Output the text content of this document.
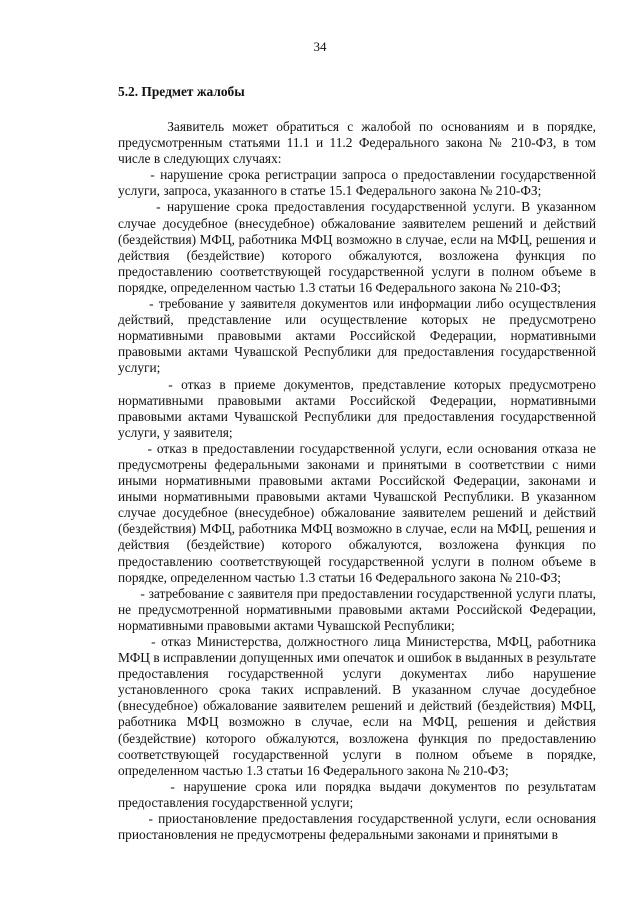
34
5.2. Предмет жалобы

Заявитель может обратиться с жалобой по основаниям и в порядке, предусмотренным статьями 11.1 и 11.2 Федерального закона № 210-ФЗ, в том числе в следующих случаях:

- нарушение срока регистрации запроса о предоставлении государственной услуги, запроса, указанного в статье 15.1 Федерального закона № 210-ФЗ;

- нарушение срока предоставления государственной услуги. В указанном случае досудебное (внесудебное) обжалование заявителем решений и действий (бездействия) МФЦ, работника МФЦ возможно в случае, если на МФЦ, решения и действия (бездействие) которого обжалуются, возложена функция по предоставлению соответствующей государственной услуги в полном объеме в порядке, определенном частью 1.3 статьи 16 Федерального закона № 210-ФЗ;

- требование у заявителя документов или информации либо осуществления действий, представление или осуществление которых не предусмотрено нормативными правовыми актами Российской Федерации, нормативными правовыми актами Чувашской Республики для предоставления государственной услуги;

- отказ в приеме документов, представление которых предусмотрено нормативными правовыми актами Российской Федерации, нормативными правовыми актами Чувашской Республики для предоставления государственной услуги, у заявителя;

- отказ в предоставлении государственной услуги, если основания отказа не предусмотрены федеральными законами и принятыми в соответствии с ними иными нормативными правовыми актами Российской Федерации, законами и иными нормативными правовыми актами Чувашской Республики. В указанном случае досудебное (внесудебное) обжалование заявителем решений и действий (бездействия) МФЦ, работника МФЦ возможно в случае, если на МФЦ, решения и действия (бездействие) которого обжалуются, возложена функция по предоставлению соответствующей государственной услуги в полном объеме в порядке, определенном частью 1.3 статьи 16 Федерального закона № 210-ФЗ;

- затребование с заявителя при предоставлении государственной услуги платы, не предусмотренной нормативными правовыми актами Российской Федерации, нормативными правовыми актами Чувашской Республики;

- отказ Министерства, должностного лица Министерства, МФЦ, работника МФЦ в исправлении допущенных ими опечаток и ошибок в выданных в результате предоставления государственной услуги документах либо нарушение установленного срока таких исправлений. В указанном случае досудебное (внесудебное) обжалование заявителем решений и действий (бездействия) МФЦ, работника МФЦ возможно в случае, если на МФЦ, решения и действия (бездействие) которого обжалуются, возложена функция по предоставлению соответствующей государственной услуги в полном объеме в порядке, определенном частью 1.3 статьи 16 Федерального закона № 210-ФЗ;

- нарушение срока или порядка выдачи документов по результатам предоставления государственной услуги;

- приостановление предоставления государственной услуги, если основания приостановления не предусмотрены федеральными законами и принятыми в
